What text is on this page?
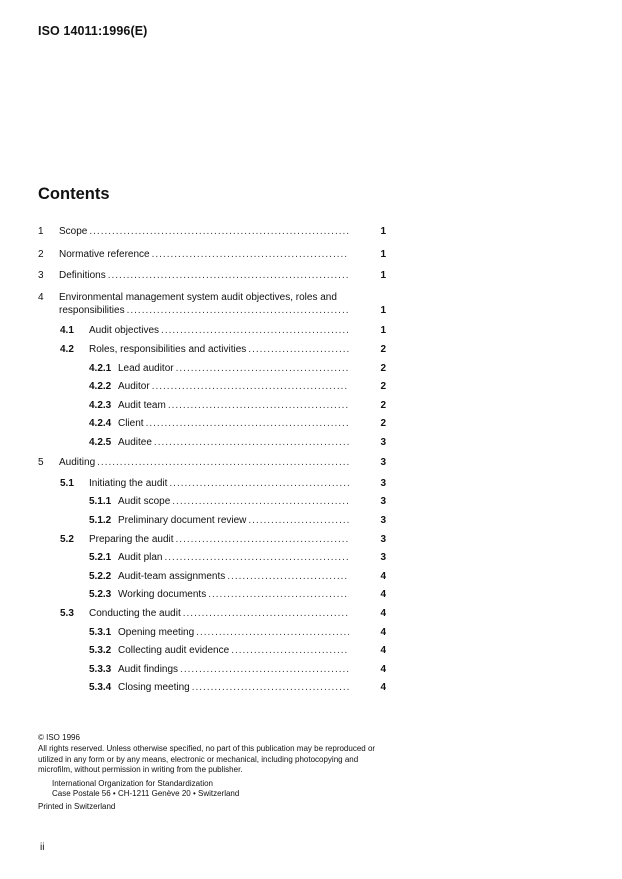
ISO 14011:1996(E)
Contents
1 Scope .....	1
2 Normative reference .....	1
3 Definitions .....	1
4 Environmental management system audit objectives, roles and
responsibilities .....	1
4.1 Audit objectives .....	1
4.2 Roles, responsibilities and activities .....	2
4.2.1 Lead auditor .....	2
4.2.2 Auditor .....	2
4.2.3 Audit team .....	2
4.2.4 Client .....	2
4.2.5 Auditee .....	3
5 Auditing .....	3
5.1 Initiating the audit .....	3
5.1.1 Audit scope .....	3
5.1.2 Preliminary document review .....	3
5.2 Preparing the audit .....	3
5.2.1 Audit plan .....	3
5.2.2 Audit-team assignments .....	4
5.2.3 Working documents .....	4
5.3 Conducting the audit .....	4
5.3.1 Opening meeting .....	4
5.3.2 Collecting audit evidence .....	4
5.3.3 Audit findings .....	4
5.3.4 Closing meeting .....	4
© ISO 1996
All rights reserved. Unless otherwise specified, no part of this publication may be reproduced or utilized in any form or by any means, electronic or mechanical, including photocopying and microfilm, without permission in writing from the publisher.
International Organization for Standardization
Case Postale 56 • CH-1211 Genève 20 • Switzerland
Printed in Switzerland
ii
